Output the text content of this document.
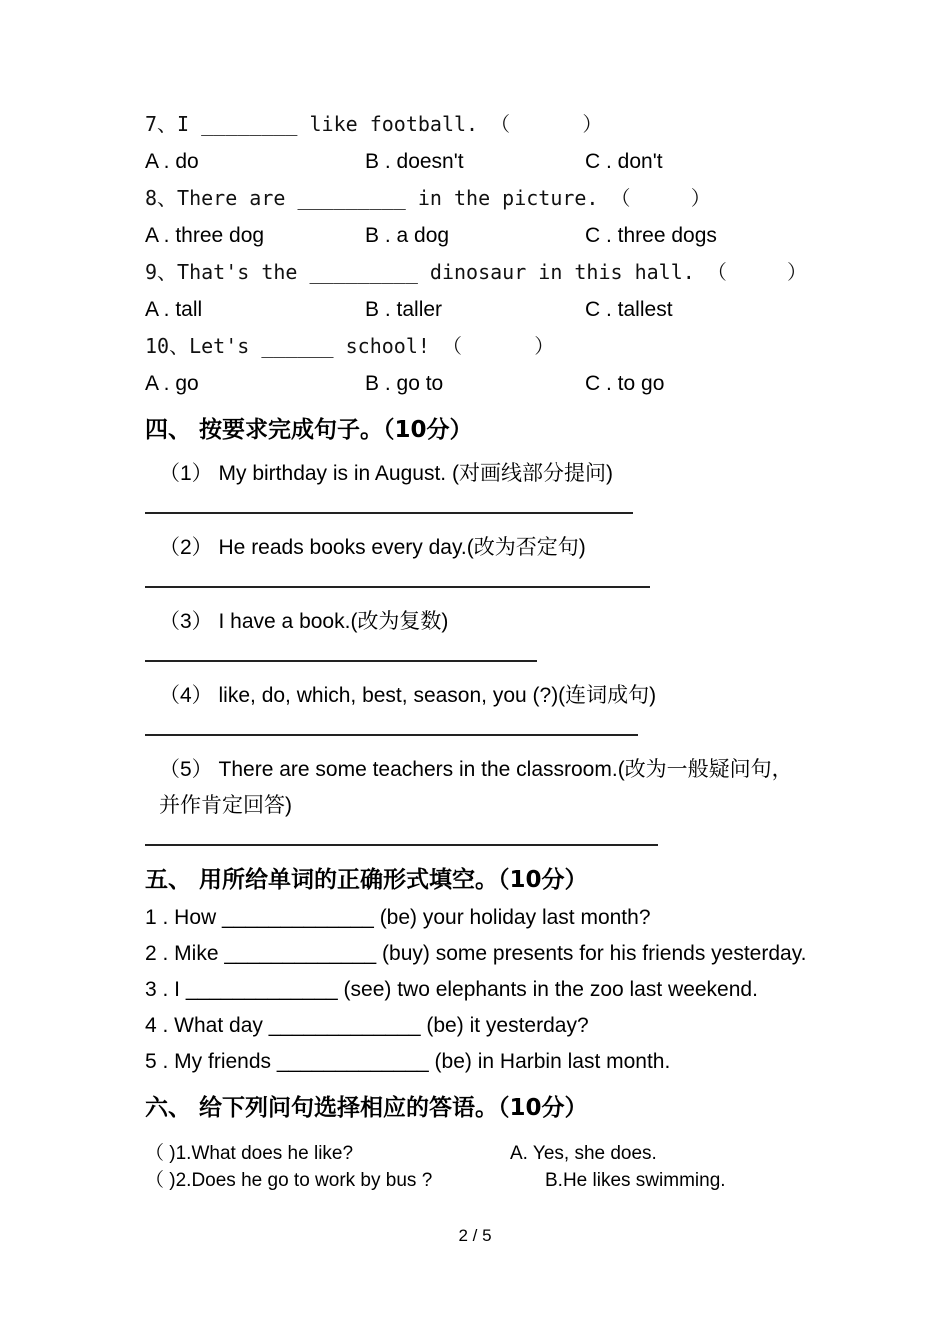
7、I ________ like football. （      ）
A . do	B . doesn't	C . don't
8、There are _________ in the picture. （     ）
A . three dog	B . a dog	C . three dogs
9、That's the _________ dinosaur in this hall. （     ）
A . tall	B . taller	C . tallest
10、Let's ______ school! （      ）
A . go	B . go to	C . to go
四、 按要求完成句子。（10分）
（1） My birthday is in August. (对画线部分提问)
（2） He reads books every day.(改为否定句)
（3） I have a book.(改为复数)
（4） like, do, which, best, season, you (?)(连词成句)
（5） There are some teachers in the classroom.(改为一般疑问句，并作肯定回答)
五、 用所给单词的正确形式填空。（10分）
1 . How _____________ (be) your holiday last month?
2 . Mike _____________ (buy) some presents for his friends yesterday.
3 . I _____________ (see) two elephants in the zoo last weekend.
4 . What day _____________ (be) it yesterday?
5 . My friends _____________ (be) in Harbin last month.
六、 给下列问句选择相应的答语。（10分）
（ )1.What does he like?	A. Yes, she does.
（ )2.Does he go to work by bus ?	B.He likes swimming.
2 / 5
